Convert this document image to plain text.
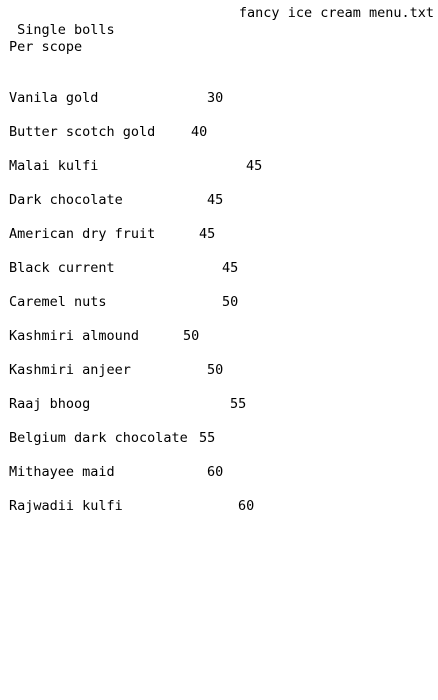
fancy ice cream menu.txt
Single bolls
Per scope
Vanila gold	30
Butter scotch gold	40
Malai kulfi	45
Dark chocolate	45
American dry fruit	45
Black current	45
Caremel nuts	50
Kashmiri almound	50
Kashmiri anjeer	50
Raaj bhoog	55
Belgium dark chocolate 55
Mithayee maid	60
Rajwadii kulfi	60
